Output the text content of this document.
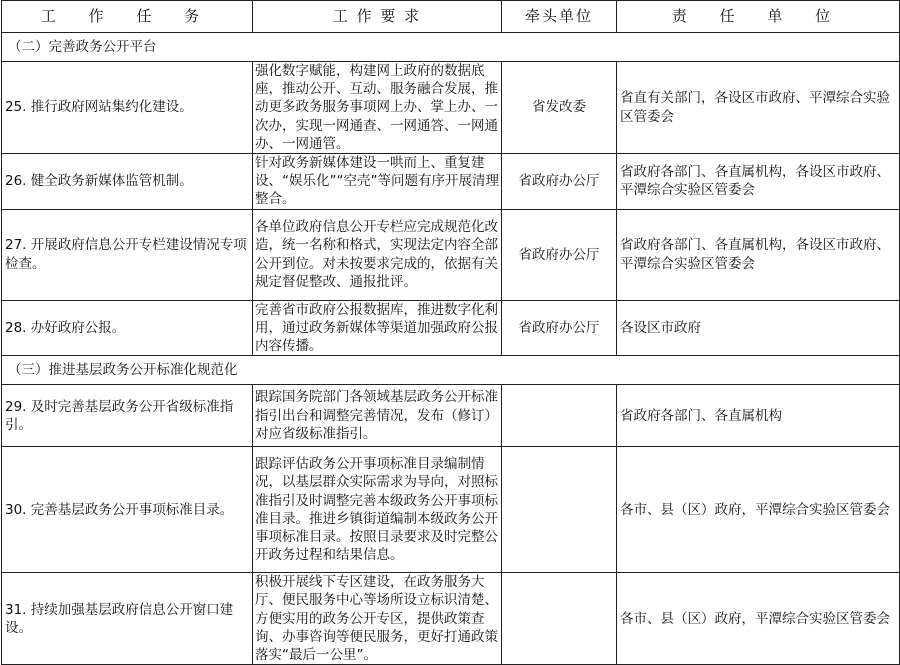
工 作 任 务	工 作 要 求	牵头单位	责 任 单 位
（二）完善政务公开平台			
25. 推行政府网站集约化建设。	强化数字赋能，构建网上政府的数据底座，推动公开、互动、服务融合发展，推动更多政务服务事项网上办、掌上办、一次办，实现一网通查、一网通答、一网通办、一网通管。	省发改委	省直有关部门，各设区市政府、平潭综合实验区管委会
26. 健全政务新媒体监管机制。	针对政务新媒体建设一哄而上、重复建设、“娱乐化”“空壳”等问题有序开展清理整合。	省政府办公厅	省政府各部门、各直属机构，各设区市政府、平潭综合实验区管委会
27. 开展政府信息公开专栏建设情况专项检查。	各单位政府信息公开专栏应完成规范化改造，统一名称和格式，实现法定内容全部公开到位。对未按要求完成的，依据有关规定督促整改、通报批评。	省政府办公厅	省政府各部门、各直属机构，各设区市政府、平潭综合实验区管委会
28. 办好政府公报。	完善省市政府公报数据库，推进数字化利用，通过政务新媒体等渠道加强政府公报内容传播。	省政府办公厅	各设区市政府
（三）推进基层政务公开标准化规范化			
29. 及时完善基层政务公开省级标准指引。	跟踪国务院部门各领域基层政务公开标准指引出台和调整完善情况，发布（修订）对应省级标准指引。		省政府各部门、各直属机构
30. 完善基层政务公开事项标准目录。	跟踪评估政务公开事项标准目录编制情况，以基层群众实际需求为导向，对照标准指引及时调整完善本级政务公开事项标准目录。推进乡镇街道编制本级政务公开事项标准目录。按照目录要求及时完整公开政务过程和结果信息。		各市、县（区）政府，平潭综合实验区管委会
31. 持续加强基层政府信息公开窗口建设。	积极开展线下专区建设，在政务服务大厅、便民服务中心等场所设立标识清楚、方便实用的政务公开专区，提供政策查询、办事咨询等便民服务，更好打通政策落实“最后一公里”。		各市、县（区）政府，平潭综合实验区管委会
